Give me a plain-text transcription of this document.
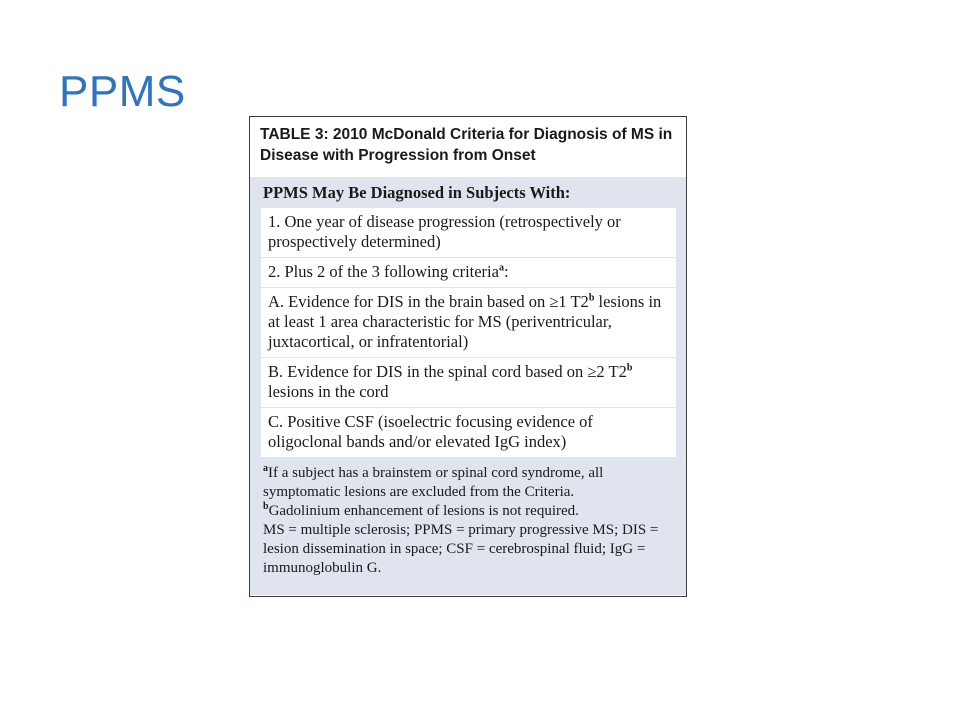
PPMS
TABLE 3: 2010 McDonald Criteria for Diagnosis of MS in Disease with Progression from Onset
PPMS May Be Diagnosed in Subjects With:
1. One year of disease progression (retrospectively or prospectively determined)
2. Plus 2 of the 3 following criteria$^a$:
A. Evidence for DIS in the brain based on ≥1 T2$^b$ lesions in at least 1 area characteristic for MS (periventricular, juxtacortical, or infratentorial)
B. Evidence for DIS in the spinal cord based on ≥2 T2$^b$ lesions in the cord
C. Positive CSF (isoelectric focusing evidence of oligoclonal bands and/or elevated IgG index)
$^a$If a subject has a brainstem or spinal cord syndrome, all symptomatic lesions are excluded from the Criteria.
$^b$Gadolinium enhancement of lesions is not required.
MS = multiple sclerosis; PPMS = primary progressive MS; DIS = lesion dissemination in space; CSF = cerebrospinal fluid; IgG = immunoglobulin G.
